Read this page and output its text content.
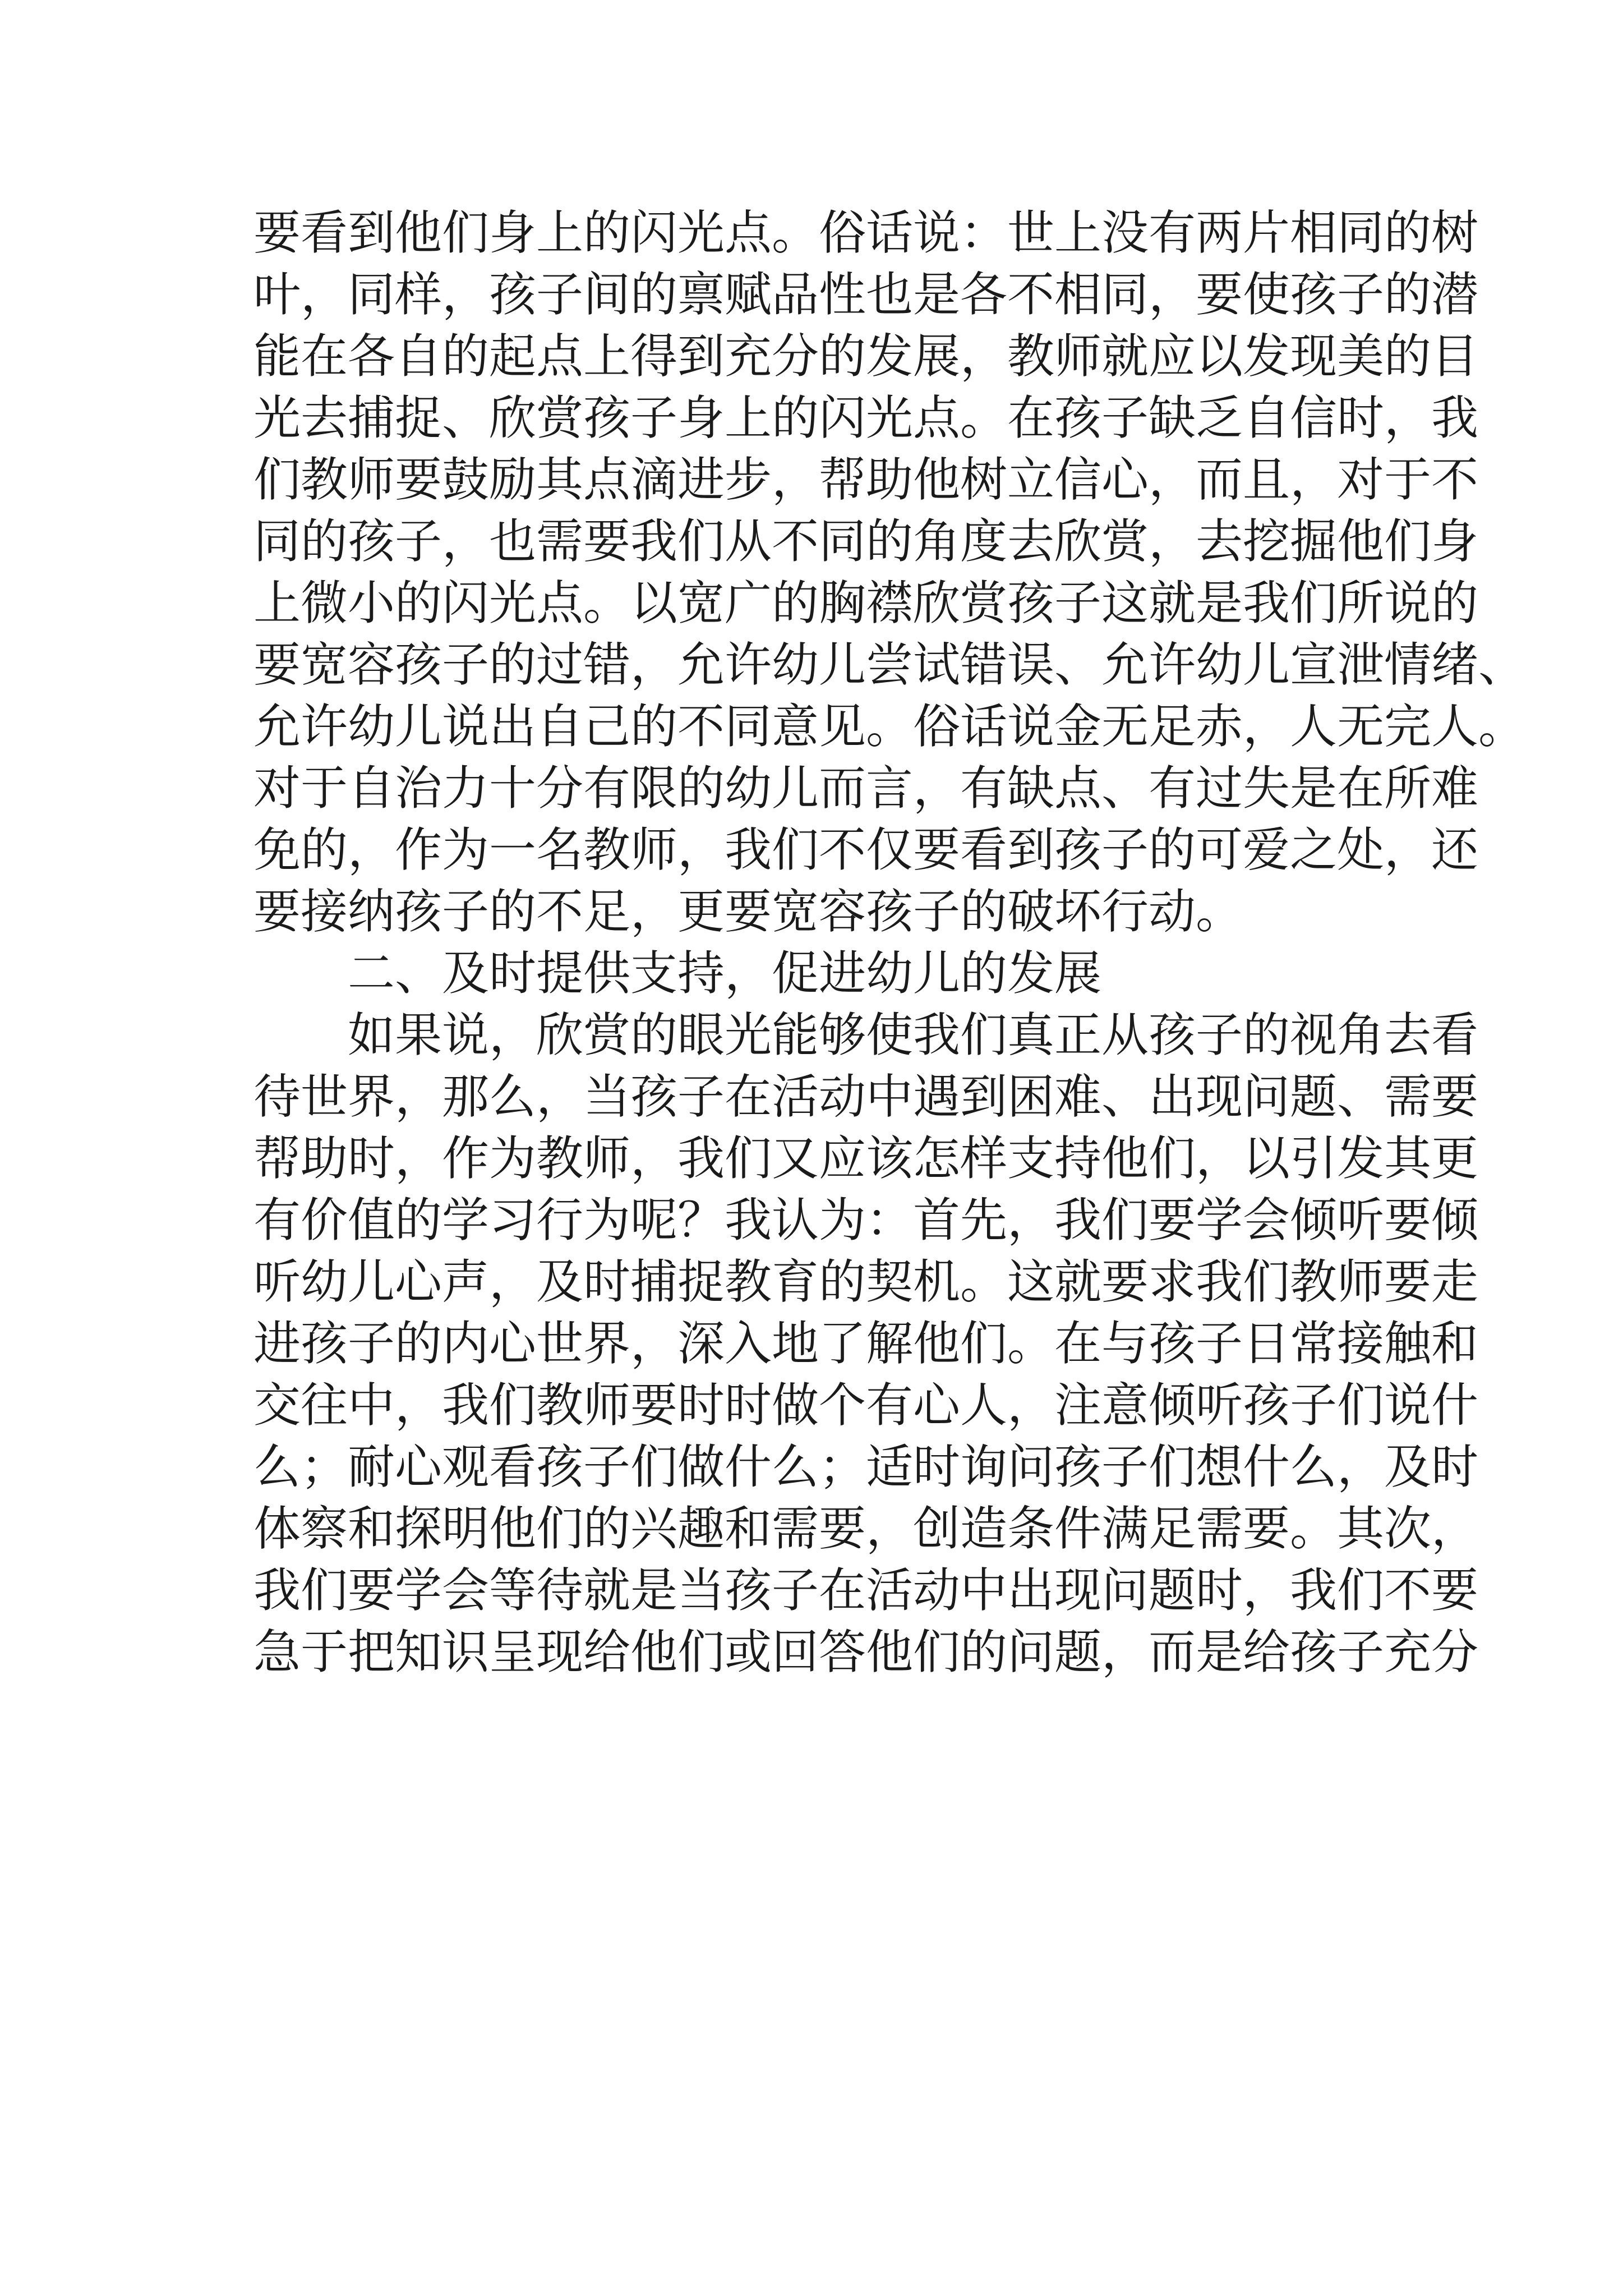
要看到他们身上的闪光点。俗话说：世上没有两片相同的树
叶，同样，孩子间的禀赋品性也是各不相同，要使孩子的潜
能在各自的起点上得到充分的发展，教师就应以发现美的目
光去捕捉、欣赏孩子身上的闪光点。在孩子缺乏自信时，我
们教师要鼓励其点滴进步，帮助他树立信心，而且，对于不
同的孩子，也需要我们从不同的角度去欣赏，去挖掘他们身
上微小的闪光点。以宽广的胸襟欣赏孩子这就是我们所说的
要宽容孩子的过错，允许幼儿尝试错误、允许幼儿宣泄情绪、
允许幼儿说出自己的不同意见。俗话说金无足赤，人无完人。
对于自治力十分有限的幼儿而言，有缺点、有过失是在所难
免的，作为一名教师，我们不仅要看到孩子的可爱之处，还
要接纳孩子的不足，更要宽容孩子的破坏行动。
　　二、及时提供支持，促进幼儿的发展
　　如果说，欣赏的眼光能够使我们真正从孩子的视角去看
待世界，那么，当孩子在活动中遇到困难、出现问题、需要
帮助时，作为教师，我们又应该怎样支持他们，以引发其更
有价值的学习行为呢？我认为：首先，我们要学会倾听要倾
听幼儿心声，及时捕捉教育的契机。这就要求我们教师要走
进孩子的内心世界，深入地了解他们。在与孩子日常接触和
交往中，我们教师要时时做个有心人，注意倾听孩子们说什
么；耐心观看孩子们做什么；适时询问孩子们想什么，及时
体察和探明他们的兴趣和需要，创造条件满足需要。其次，
我们要学会等待就是当孩子在活动中出现问题时，我们不要
急于把知识呈现给他们或回答他们的问题，而是给孩子充分
